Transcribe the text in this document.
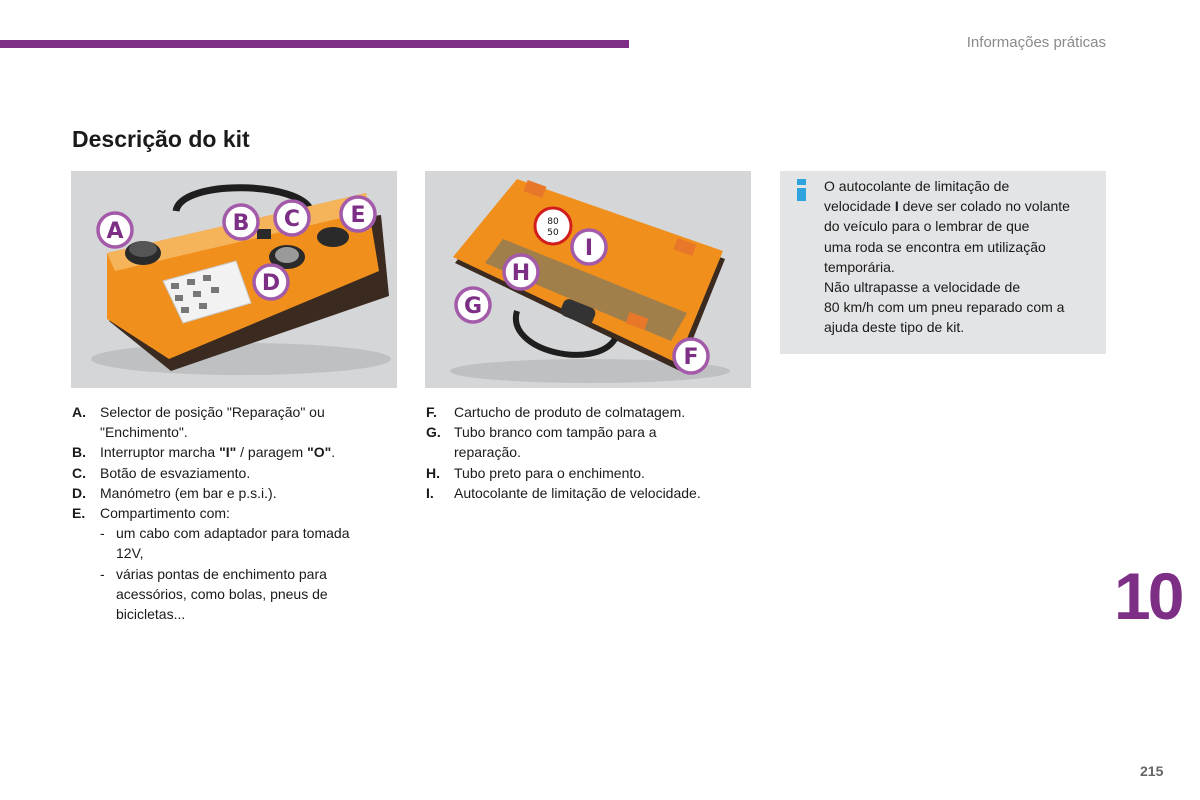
Informações práticas
Descrição do kit
A	B C E
D
80
50
I
H
G
F
O autocolante de limitação de
velocidade I deve ser colado no volante
do veículo para o lembrar de que
uma roda se encontra em utilização
temporária.
Não ultrapasse a velocidade de
80 km/h com um pneu reparado com a
ajuda deste tipo de kit.
A. Selector de posição "Reparação" ou
"Enchimento".
B. Interruptor marcha "I" / paragem "O".
C. Botão de esvaziamento.
D. Manómetro (em bar e p.s.i.).
E. Compartimento com:
- um cabo com adaptador para tomada
12V,
- várias pontas de enchimento para
acessórios, como bolas, pneus de
bicicletas...
F. Cartucho de produto de colmatagem.
G. Tubo branco com tampão para a
reparação.
H. Tubo preto para o enchimento.
I. Autocolante de limitação de velocidade.
10
215
